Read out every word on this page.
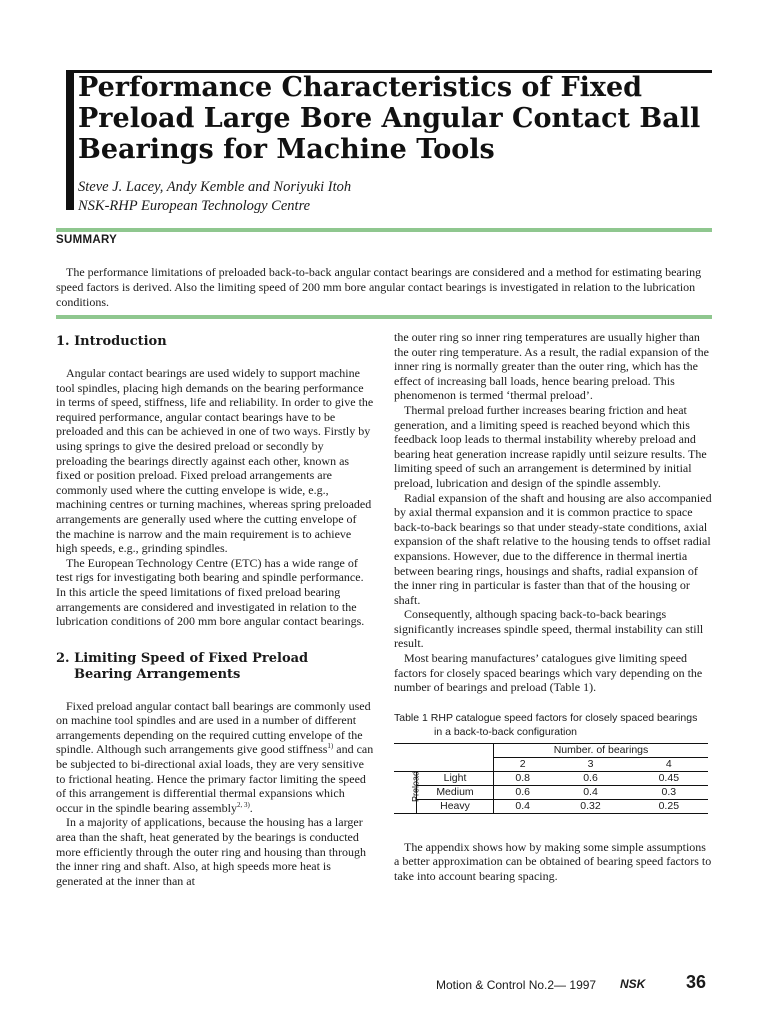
Performance Characteristics of Fixed Preload Large Bore Angular Contact Ball Bearings for Machine Tools
Steve J. Lacey, Andy Kemble and Noriyuki Itoh
NSK-RHP European Technology Centre
SUMMARY

The performance limitations of preloaded back-to-back angular contact bearings are considered and a method for estimating bearing speed factors is derived. Also the limiting speed of 200 mm bore angular contact bearings is investigated in relation to the lubrication conditions.

1. Introduction

Angular contact bearings are used widely to support machine tool spindles, placing high demands on the bearing performance in terms of speed, stiffness, life and reliability. In order to give the required performance, angular contact bearings have to be preloaded and this can be achieved in one of two ways. Firstly by using springs to give the desired preload or secondly by preloading the bearings directly against each other, known as fixed or position preload. Fixed preload arrangements are commonly used where the cutting envelope is wide, e.g., machining centres or turning machines, whereas spring preloaded arrangements are generally used where the cutting envelope of the machine is narrow and the main requirement is to achieve high speeds, e.g., grinding spindles.

The European Technology Centre (ETC) has a wide range of test rigs for investigating both bearing and spindle performance. In this article the speed limitations of fixed preload bearing arrangements are considered and investigated in relation to the lubrication conditions of 200 mm bore angular contact bearings.

2. Limiting Speed of Fixed Preload
Bearing Arrangements

Fixed preload angular contact ball bearings are commonly used on machine tool spindles and are used in a number of different arrangements depending on the required cutting envelope of the spindle. Although such arrangements give good stiffness$^{1)}$ and can be subjected to bi-directional axial loads, they are very sensitive to frictional heating. Hence the primary factor limiting the speed of this arrangement is differential thermal expansions which occur in the spindle bearing assembly$^{2, 3)}$.

In a majority of applications, because the housing has a larger area than the shaft, heat generated by the bearings is conducted more efficiently through the outer ring and housing than through the inner ring and shaft. Also, at high speeds more heat is generated at the inner than at

the outer ring so inner ring temperatures are usually higher than the outer ring temperature. As a result, the radial expansion of the inner ring is normally greater than the outer ring, which has the effect of increasing ball loads, hence bearing preload. This phenomenon is termed ‘thermal preload’.

Thermal preload further increases bearing friction and heat generation, and a limiting speed is reached beyond which this feedback loop leads to thermal instability whereby preload and bearing heat generation increase rapidly until seizure results. The limiting speed of such an arrangement is determined by initial preload, lubrication and design of the spindle assembly.

Radial expansion of the shaft and housing are also accompanied by axial thermal expansion and it is common practice to space back-to-back bearings so that under steady-state conditions, axial expansion of the shaft relative to the housing tends to offset radial expansions. However, due to the difference in thermal inertia between bearing rings, housings and shafts, radial expansion of the inner ring in particular is faster than that of the housing or shaft.

Consequently, although spacing back-to-back bearings significantly increases spindle speed, thermal instability can still result.

Most bearing manufactures’ catalogues give limiting speed factors for closely spaced bearings which vary depending on the number of bearings and preload (Table 1).

Table 1 RHP catalogue speed factors for closely spaced bearings
in a back-to-back configuration
		Number. of bearings		
		2	3	4

Preload	Light	0.8	0.6	0.45
	Medium	0.6	0.4	0.3
	Heavy	0.4	0.32	0.25

The appendix shows how by making some simple assumptions a better approximation can be obtained of bearing speed factors to take into account bearing spacing.

Motion & Control No.2— 1997 NSK 36
